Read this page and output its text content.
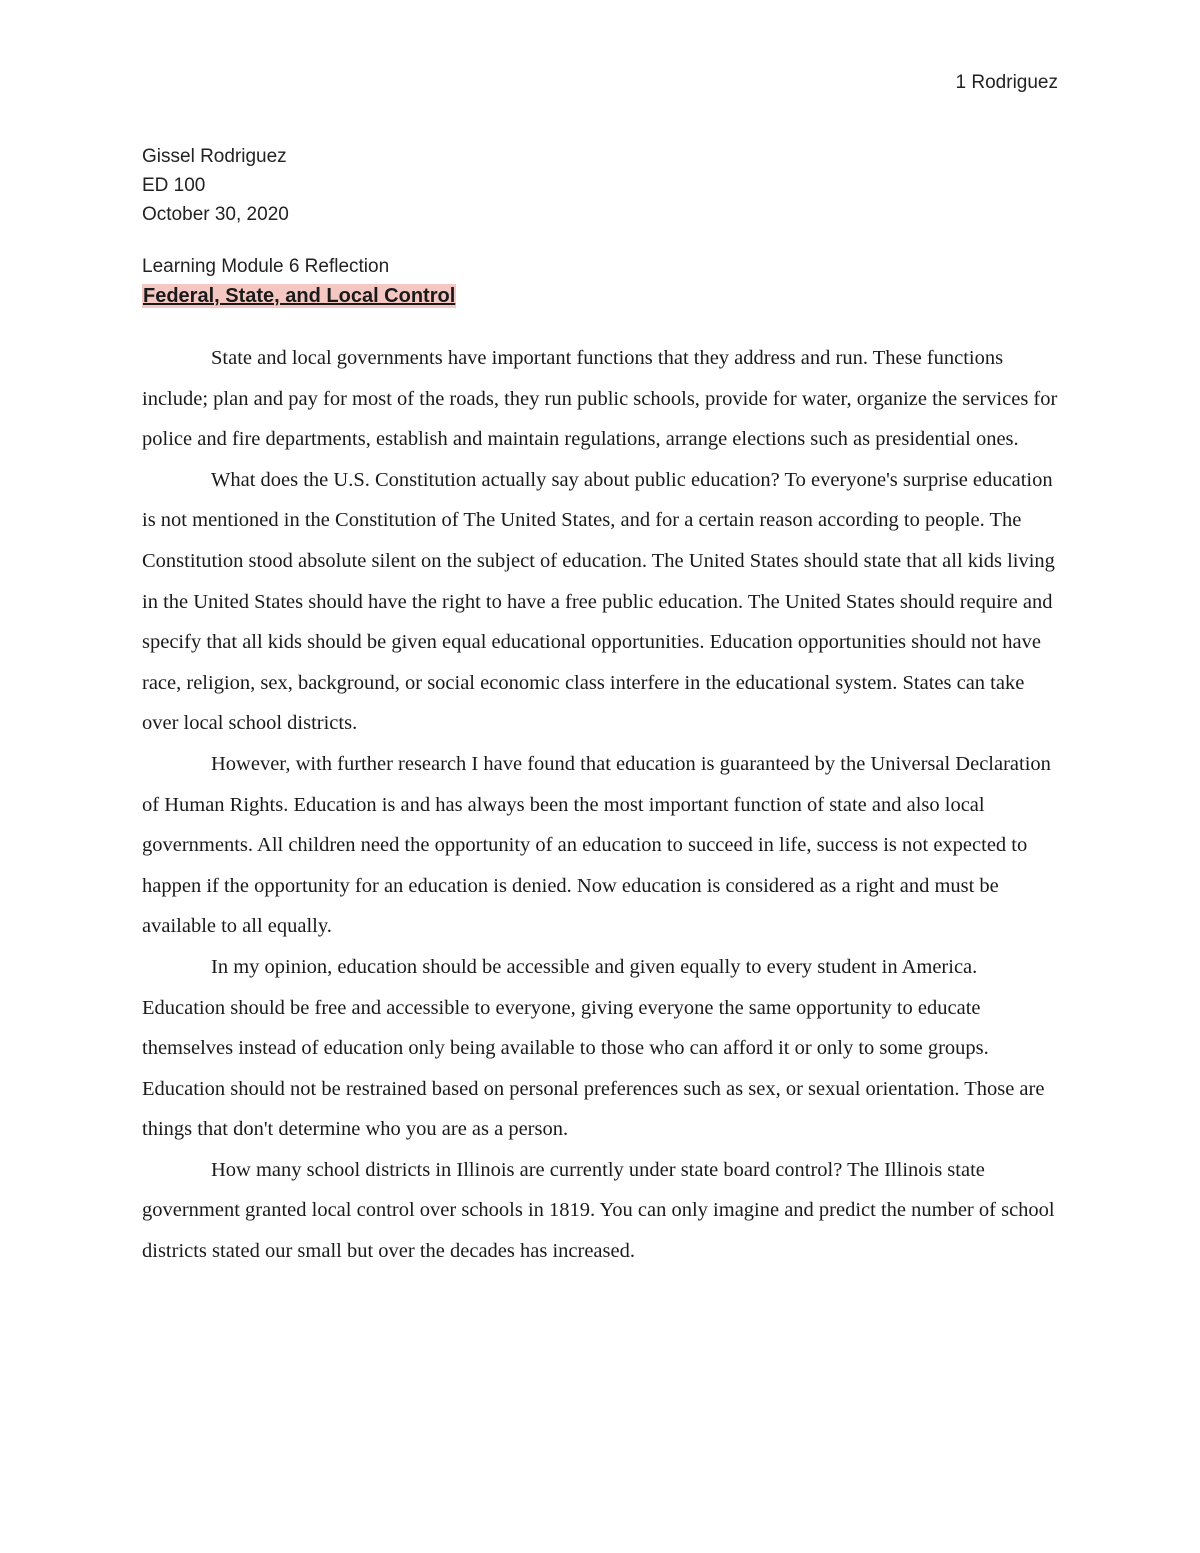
1 Rodriguez
Gissel Rodriguez
ED 100
October 30, 2020
Learning Module 6 Reflection
Federal, State, and Local Control

State and local governments have important functions that they address and run. These functions include; plan and pay for most of the roads, they run public schools, provide for water, organize the services for police and fire departments, establish and maintain regulations, arrange elections such as presidential ones.

What does the U.S. Constitution actually say about public education? To everyone's surprise education is not mentioned in the Constitution of The United States, and for a certain reason according to people. The Constitution stood absolute silent on the subject of education. The United States should state that all kids living in the United States should have the right to have a free public education. The United States should require and specify that all kids should be given equal educational opportunities. Education opportunities should not have race, religion, sex, background, or social economic class interfere in the educational system. States can take over local school districts.

However, with further research I have found that education is guaranteed by the Universal Declaration of Human Rights. Education is and has always been the most important function of state and also local governments. All children need the opportunity of an education to succeed in life, success is not expected to happen if the opportunity for an education is denied. Now education is considered as a right and must be available to all equally.

In my opinion, education should be accessible and given equally to every student in America. Education should be free and accessible to everyone, giving everyone the same opportunity to educate themselves instead of education only being available to those who can afford it or only to some groups.  Education should not be restrained based on personal preferences such as sex, or sexual orientation. Those are things that don't determine who you are as a person.

How many school districts in Illinois are currently under state board control? The Illinois state government granted local control over schools in 1819. You can only imagine and predict the number of school districts stated our small but over the decades has increased.
